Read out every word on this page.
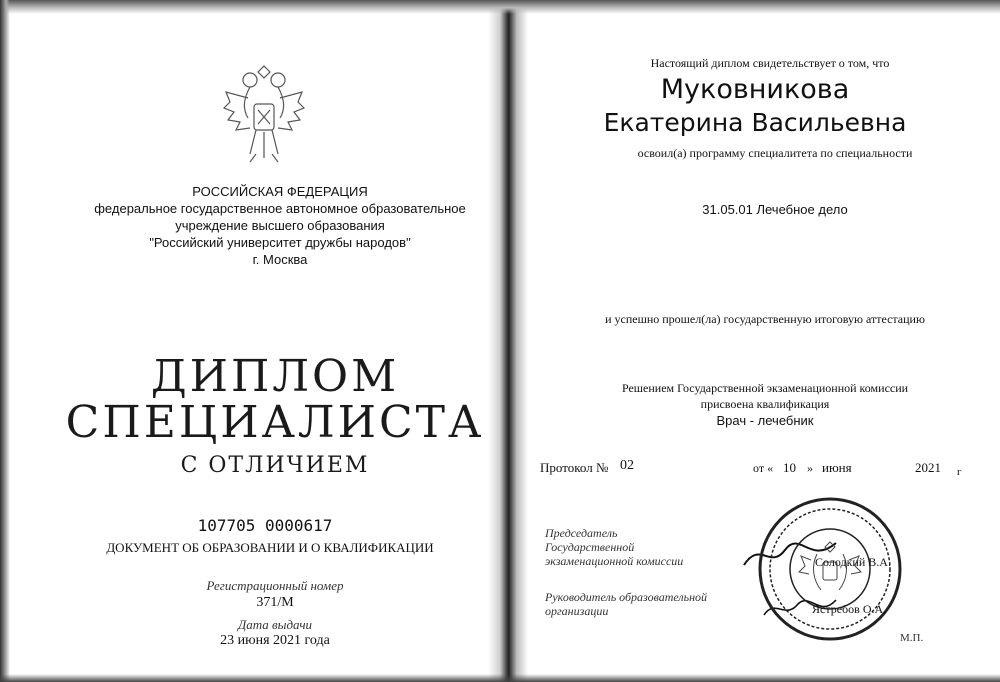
РОССИЙСКАЯ ФЕДЕРАЦИЯ
федеральное государственное автономное образовательное
учреждение высшего образования
"Российский университет дружбы народов"
г. Москва
ДИПЛОМ
СПЕЦИАЛИСТА
С ОТЛИЧИЕМ
107705 0000617
ДОКУМЕНТ ОБ ОБРАЗОВАНИИ И О КВАЛИФИКАЦИИ
Регистрационный номер
371/М
Дата выдачи
23 июня 2021 года
Настоящий диплом свидетельствует о том, что
Муковникова
Екатерина Васильевна
освоил(а) программу специалитета по специальности
31.05.01 Лечебное дело
и успешно прошел(ла) государственную итоговую аттестацию
Решением Государственной экзаменационной комиссии
присвоена квалификация
Врач - лечебник
Протокол № 02	от « 10 » июня	2021 г
Председатель
Государственной
экзаменационной комиссии
Руководитель образовательной
организации
Солодкий В.А.
Ястребов О.А.
М.П.
